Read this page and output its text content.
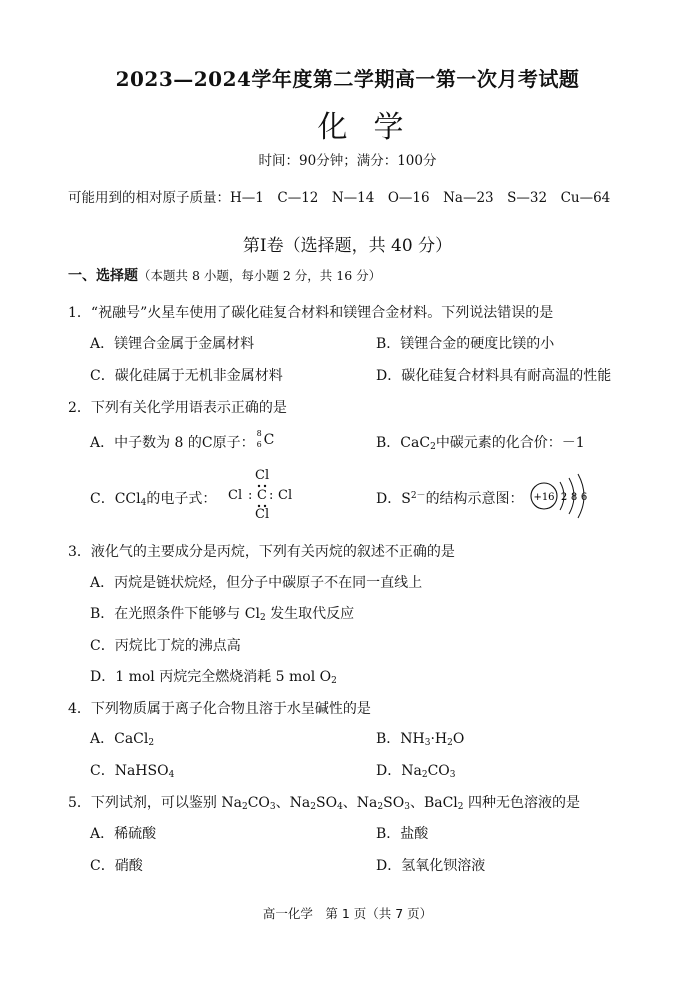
2023—2024学年度第二学期高一第一次月考试题
化学
时间：90分钟；满分：100分
可能用到的相对原子质量：H—1　C—12　N—14　O—16　Na—23　S—32　Cu—64
第Ⅰ卷（选择题，共 40 分）
一、选择题（本题共 8 小题，每小题 2 分，共 16 分）
1．“祝融号”火星车使用了碳化硅复合材料和镁锂合金材料。下列说法错误的是
A．镁锂合金属于金属材料	B．镁锂合金的硬度比镁的小
C．碳化硅属于无机非金属材料	D．碳化硅复合材料具有耐高温的性能
2．下列有关化学用语表示正确的是
A．中子数为 8 的C原子：
8
6 C	B．CaC$_2$中碳元素的化合价：－1
C．CCl$_4$的电子式：
Cl
Cl : C : Cl
Cl
D．$S^{2-}$的结构示意图： +16 2 8 6
3．液化气的主要成分是丙烷，下列有关丙烷的叙述不正确的是
A．丙烷是链状烷烃，但分子中碳原子不在同一直线上
B．在光照条件下能够与 $Cl_2$ 发生取代反应
C．丙烷比丁烷的沸点高
D．1 mol 丙烷完全燃烧消耗 5 mol $O_2$
4．下列物质属于离子化合物且溶于水呈碱性的是
A．CaCl$_2$	B．$NH_3\cdot H_2O$
C．NaHSO$_4$	D．$Na_2CO_3$
5．下列试剂，可以鉴别 $Na_2CO_3$、$Na_2SO_4$、$Na_2SO_3$、BaCl$_2$ 四种无色溶液的是
A．稀硫酸	B．盐酸
C．硝酸	D．氢氧化钡溶液
高一化学　第 1 页（共 7 页）
